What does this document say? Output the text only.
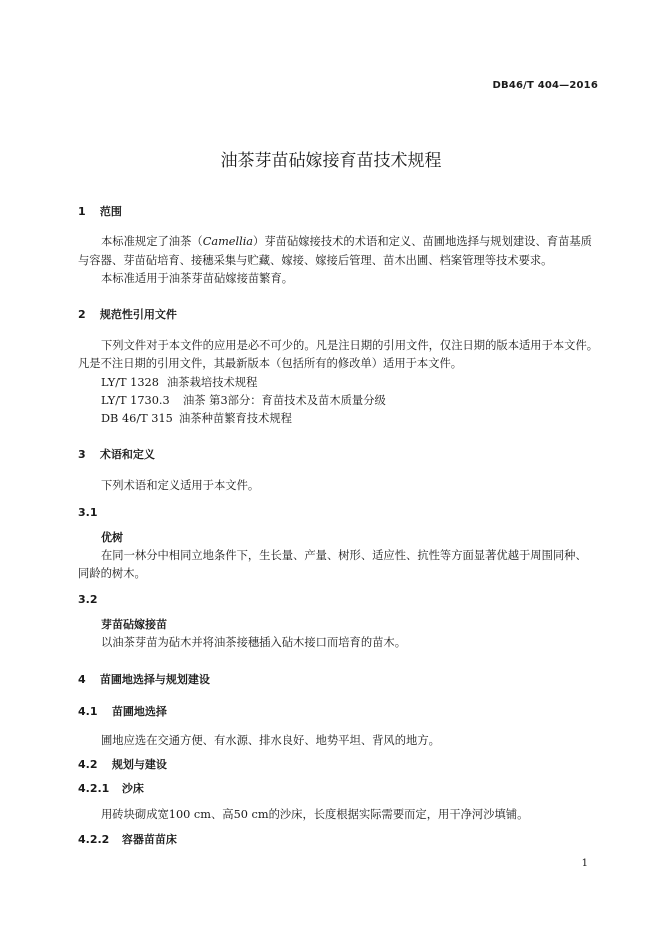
DB46/T 404—2016
油茶芽苗砧嫁接育苗技术规程
1 范围
本标准规定了油茶（Camellia）芽苗砧嫁接技术的术语和定义、苗圃地选择与规划建设、育苗基质
与容器、芽苗砧培育、接穗采集与贮藏、嫁接、嫁接后管理、苗木出圃、档案管理等技术要求。
本标准适用于油茶芽苗砧嫁接苗繁育。
2 规范性引用文件
下列文件对于本文件的应用是必不可少的。凡是注日期的引用文件，仅注日期的版本适用于本文件。
凡是不注日期的引用文件，其最新版本（包括所有的修改单）适用于本文件。
LY/T 1328 油茶栽培技术规程
LY/T 1730.3 油茶 第3部分：育苗技术及苗木质量分级
DB 46/T 315 油茶种苗繁育技术规程
3 术语和定义
下列术语和定义适用于本文件。
3.1
优树
在同一林分中相同立地条件下，生长量、产量、树形、适应性、抗性等方面显著优越于周围同种、
同龄的树木。
3.2
芽苗砧嫁接苗
以油茶芽苗为砧木并将油茶接穗插入砧木接口而培育的苗木。
4 苗圃地选择与规划建设
4.1 苗圃地选择
圃地应选在交通方便、有水源、排水良好、地势平坦、背风的地方。
4.2 规划与建设
4.2.1 沙床
用砖块砌成宽100 cm、高50 cm的沙床，长度根据实际需要而定，用干净河沙填铺。
4.2.2 容器苗苗床
1
